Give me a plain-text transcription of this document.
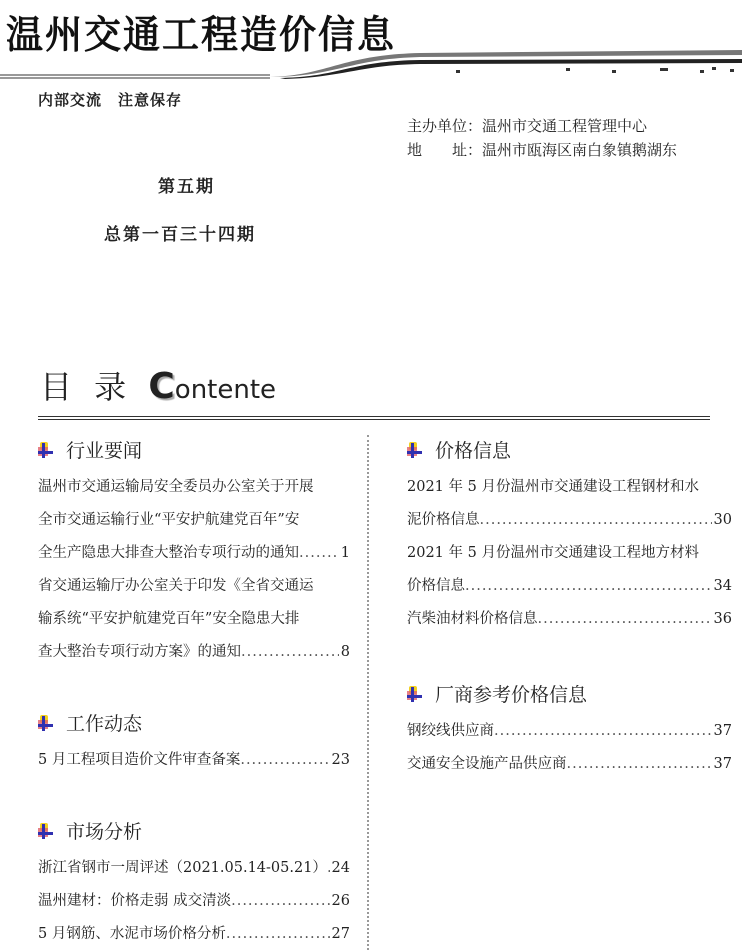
温州交通工程造价信息
内部交流　注意保存
主办单位：温州市交通工程管理中心
地　　址：温州市瓯海区南白象镇鹅湖东
第五期
总第一百三十四期
目 录 Contente
行业要闻
温州市交通运输局安全委员办公室关于开展
全市交通运输行业“平安护航建党百年”安
全生产隐患大排查大整治专项行动的通知 .....	1
省交通运输厅办公室关于印发《全省交通运
输系统“平安护航建党百年”安全隐患大排
查大整治专项行动方案》的通知 .....	8
工作动态
5 月工程项目造价文件审查备案 .....	23
市场分析
浙江省钢市一周评述（2021.05.14-05.21） ..... 24
温州建材：价格走弱 成交清淡 .....	26
5 月钢筋、水泥市场价格分析 .....	27
价格信息
2021 年 5 月份温州市交通建设工程钢材和水
泥价格信息 .....	30
2021 年 5 月份温州市交通建设工程地方材料
价格信息 .....	34
汽柴油材料价格信息 .....	36
厂商参考价格信息
钢绞线供应商 .....	37
交通安全设施产品供应商 .....	37
